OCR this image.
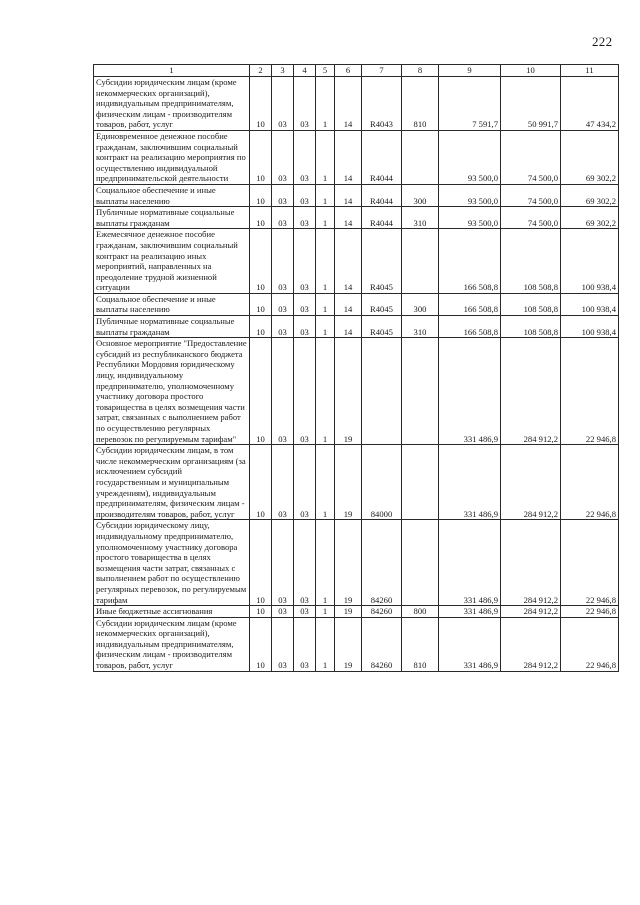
222
1	2	3	4	5	6	7	8	9	10	11
Субсидии юридическим лицам (кроме некоммерческих организаций), индивидуальным предпринимателям, физическим лицам - производителям товаров, работ, услуг	10	03	03	1	14	R4043	810	7 591,7	50 991,7	47 434,2
Единовременное денежное пособие гражданам, заключившим социальный контракт на реализацию мероприятия по осуществлению индивидуальной предпринимательской деятельности	10	03	03	1	14	R4044		93 500,0	74 500,0	69 302,2
Социальное обеспечение и иные выплаты населению	10	03	03	1	14	R4044	300	93 500,0	74 500,0	69 302,2
Публичные нормативные социальные выплаты гражданам	10	03	03	1	14	R4044	310	93 500,0	74 500,0	69 302,2
Ежемесячное денежное пособие гражданам, заключившим социальный контракт на реализацию иных мероприятий, направленных на преодоление трудной жизненной ситуации	10	03	03	1	14	R4045		166 508,8	108 508,8	100 938,4
Социальное обеспечение и иные выплаты населению	10	03	03	1	14	R4045	300	166 508,8	108 508,8	100 938,4
Публичные нормативные социальные выплаты гражданам	10	03	03	1	14	R4045	310	166 508,8	108 508,8	100 938,4
Основное мероприятие "Предоставление субсидий из республиканского бюджета Республики Мордовия юридическому лицу, индивидуальному предпринимателю, уполномоченному участнику договора простого товарищества в целях возмещения части затрат, связанных с выполнением работ по осуществлению регулярных перевозок по регулируемым тарифам"	10	03	03	1	19			331 486,9	284 912,2	22 946,8
Субсидии юридическим лицам, в том числе некоммерческим организациям (за исключением субсидий государственным и муниципальным учреждениям), индивидуальным предпринимателям, физическим лицам - производителям товаров, работ, услуг	10	03	03	1	19	84000		331 486,9	284 912,2	22 946,8
Субсидии юридическому лицу, индивидуальному предпринимателю, уполномоченному участнику договора простого товарищества в целях возмещения части затрат, связанных с выполнением работ по осуществлению регулярных перевозок, по регулируемым тарифам	10	03	03	1	19	84260		331 486,9	284 912,2	22 946,8
Иные бюджетные ассигнования	10	03	03	1	19	84260	800	331 486,9	284 912,2	22 946,8
Субсидии юридическим лицам (кроме некоммерческих организаций), индивидуальным предпринимателям, физическим лицам - производителям товаров, работ, услуг	10	03	03	1	19	84260	810	331 486,9	284 912,2	22 946,8
